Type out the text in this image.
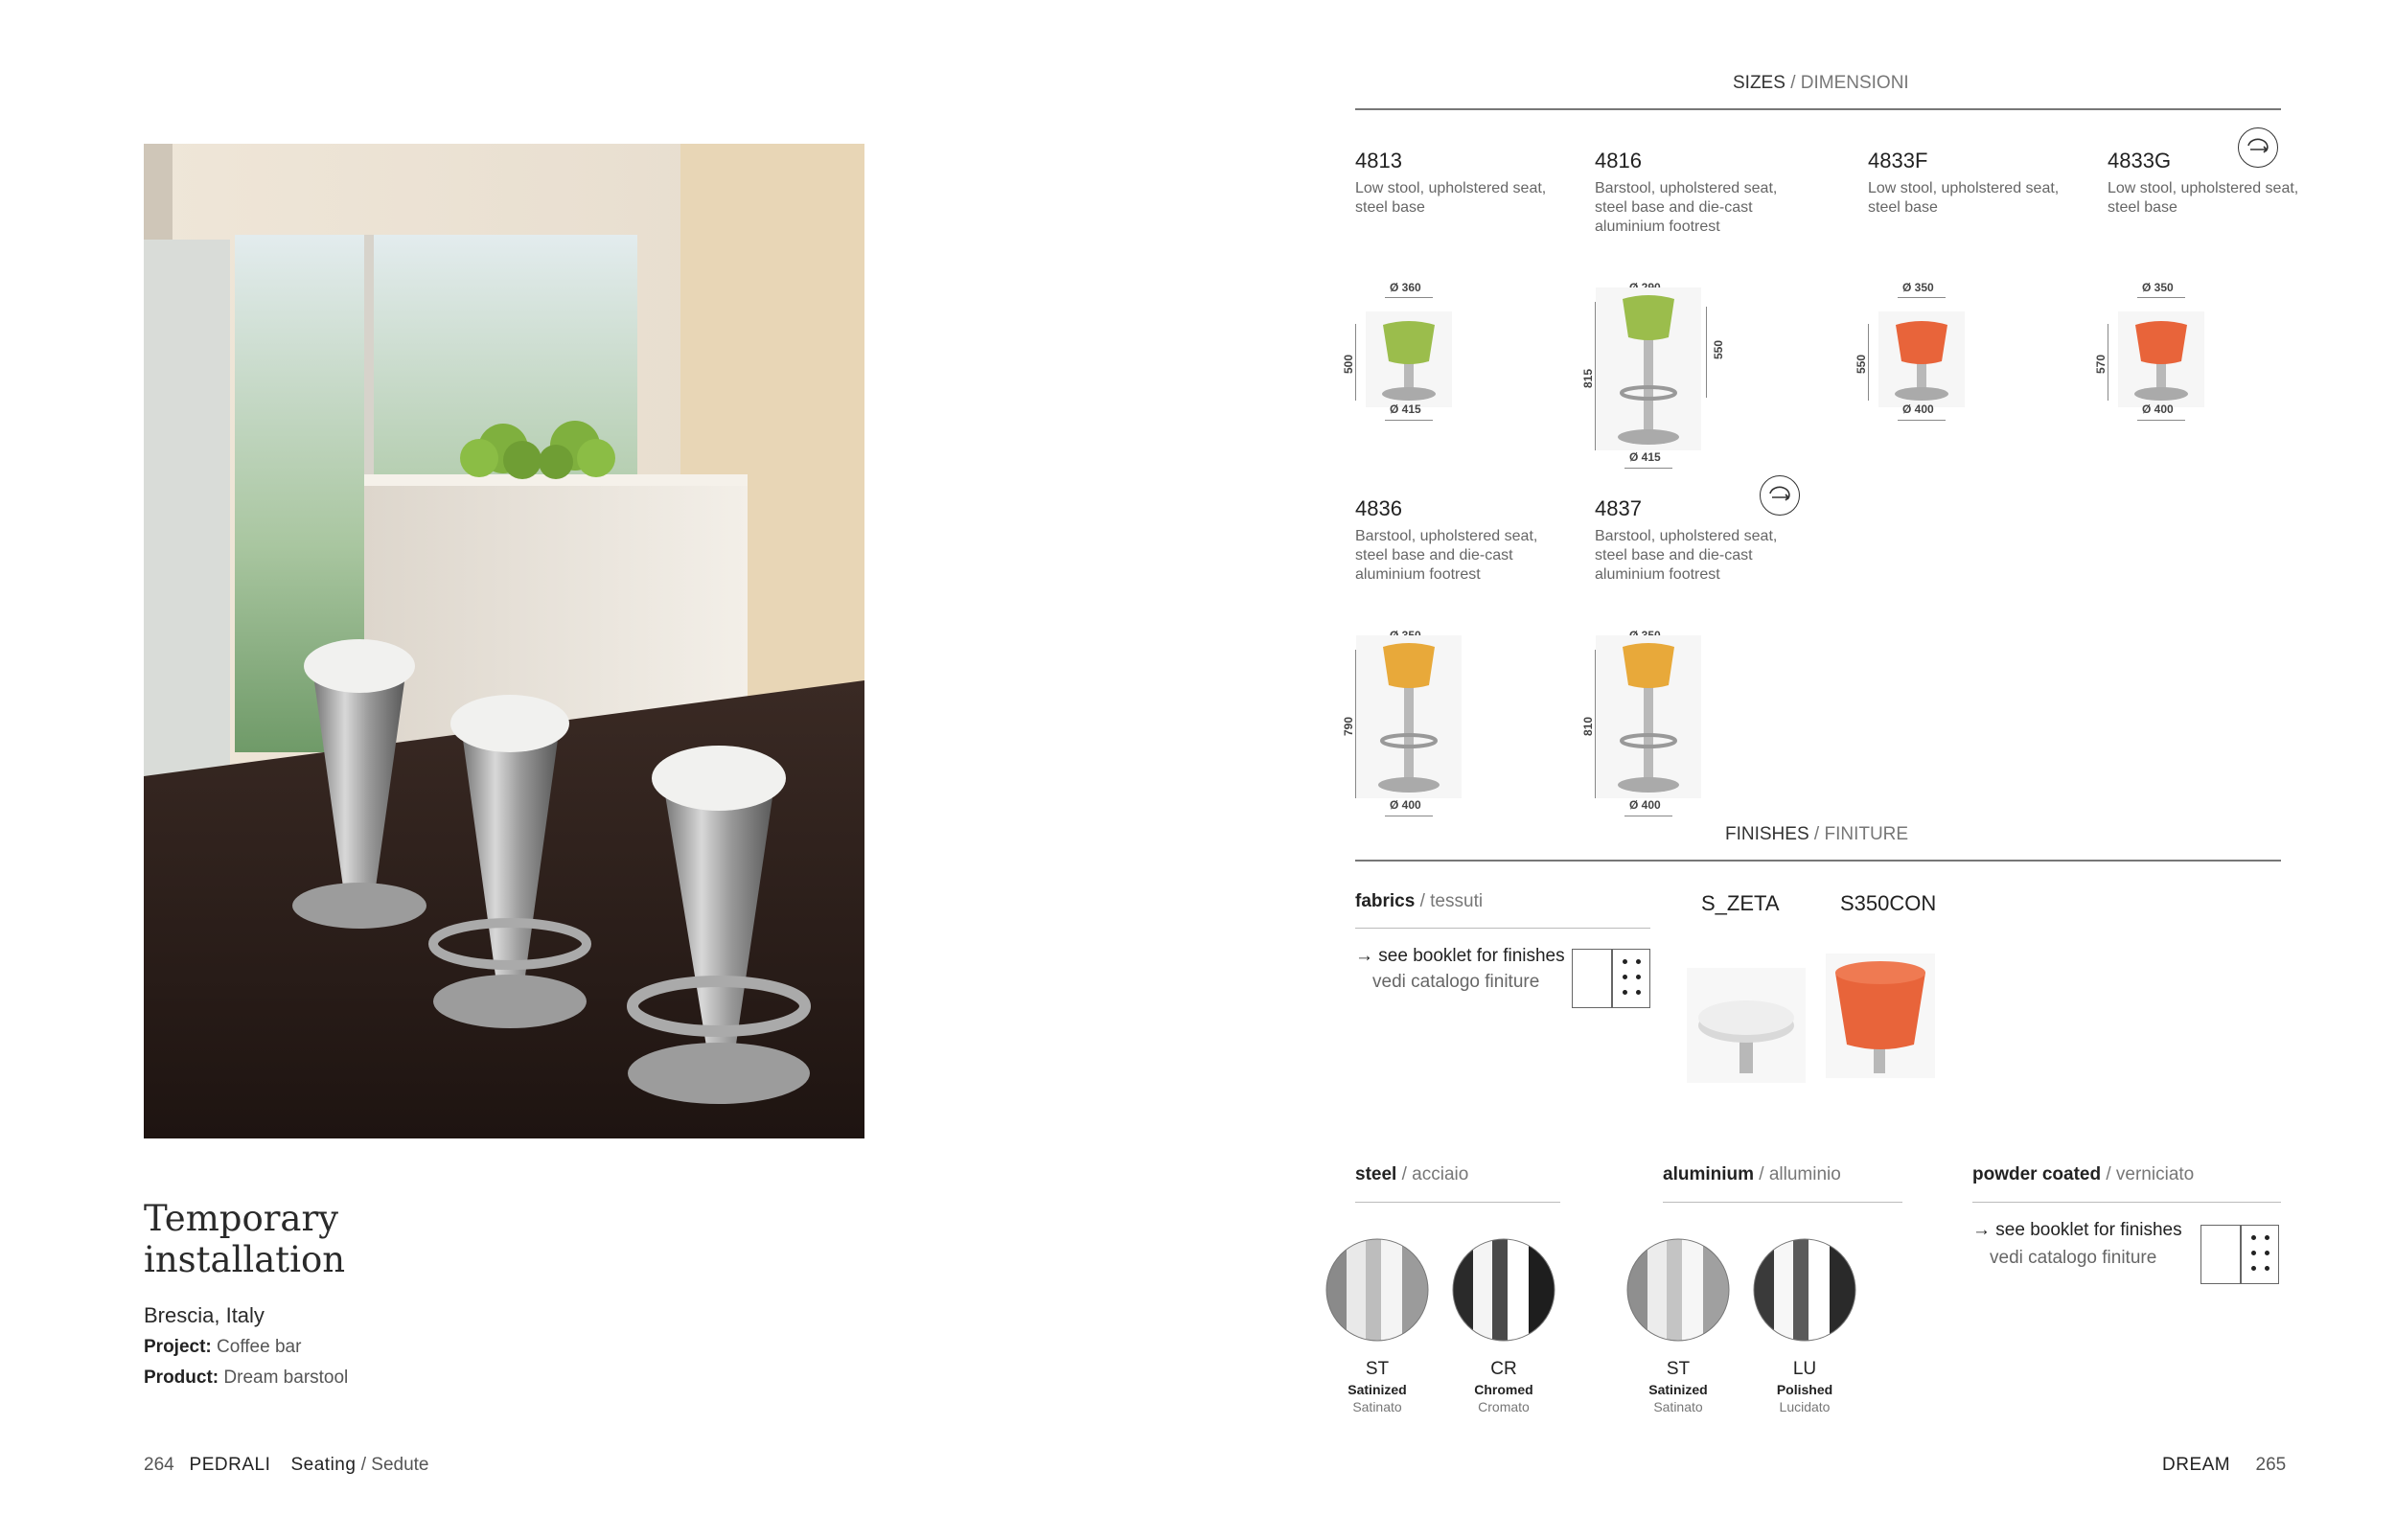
Temporary installation
Brescia, Italy
Project: Coffee bar
Product: Dream barstool
264 PEDRALI Seating / Sedute
SIZES / DIMENSIONI
4813
Low stool, upholstered seat, steel base
Ø 360
500
Ø 415
4816
Barstool, upholstered seat, steel base and die-cast aluminium footrest
815
550
Ø 415
4833F
Low stool, upholstered seat, steel base
Ø 350
550
Ø 400
4833G
Low stool, upholstered seat, steel base
Ø 350
570
Ø 400
4836
Barstool, upholstered seat, steel base and die-cast aluminium footrest
790
Ø 400
4837
Barstool, upholstered seat, steel base and die-cast aluminium footrest
810
Ø 400
FINISHES / FINITURE
fabrics / tessuti
→ see booklet for finishes
vedi catalogo finiture
S_ZETA	S350CON
steel / acciaio	aluminium / alluminio	powder coated / verniciato
→ see booklet for finishes
vedi catalogo finiture
ST
Satinized
Satinato
CR
Chromed
Cromato
ST
Satinized
Satinato
LU
Polished
Lucidato
DREAM 265
